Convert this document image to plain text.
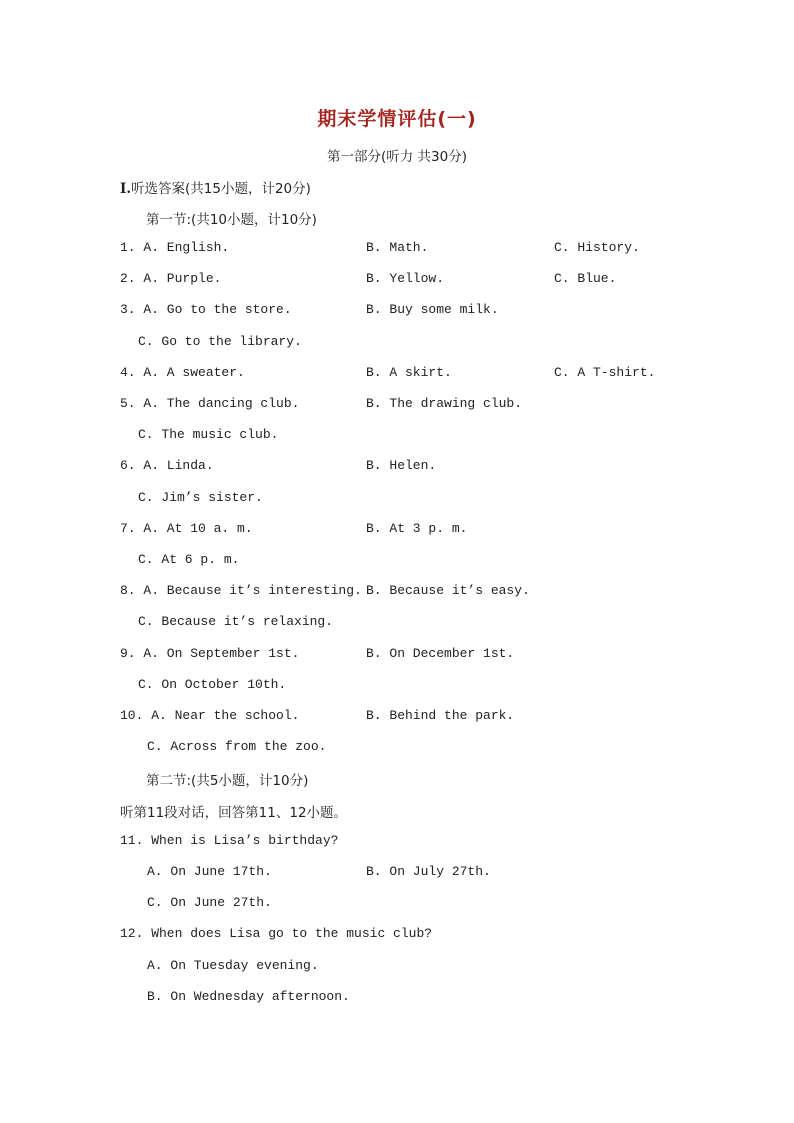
期末学情评估(一)
第一部分(听力 共30分)
Ⅰ.听选答案(共15小题，计20分)
第一节:(共10小题，计10分)
1. A. English.	B. Math.	C. History.
2. A. Purple.	B. Yellow.	C. Blue.
3. A. Go to the store.	B. Buy some milk.
C. Go to the library.
4. A. A sweater.	B. A skirt.	C. A T-shirt.
5. A. The dancing club.	B. The drawing club.
C. The music club.
6. A. Linda.	B. Helen.
C. Jim’s sister.
7. A. At 10 a. m.	B. At 3 p. m.
C. At 6 p. m.
8. A. Because it’s interesting. B. Because it’s easy.
C. Because it’s relaxing.
9. A. On September 1st.	B. On December 1st.
C. On October 10th.
10. A. Near the school.	B. Behind the park.
C. Across from the zoo.
第二节:(共5小题，计10分)
听第11段对话，回答第11、12小题。
11. When is Lisa’s birthday?
A. On June 17th.	B. On July 27th.
C. On June 27th.
12. When does Lisa go to the music club?
A. On Tuesday evening.
B. On Wednesday afternoon.
